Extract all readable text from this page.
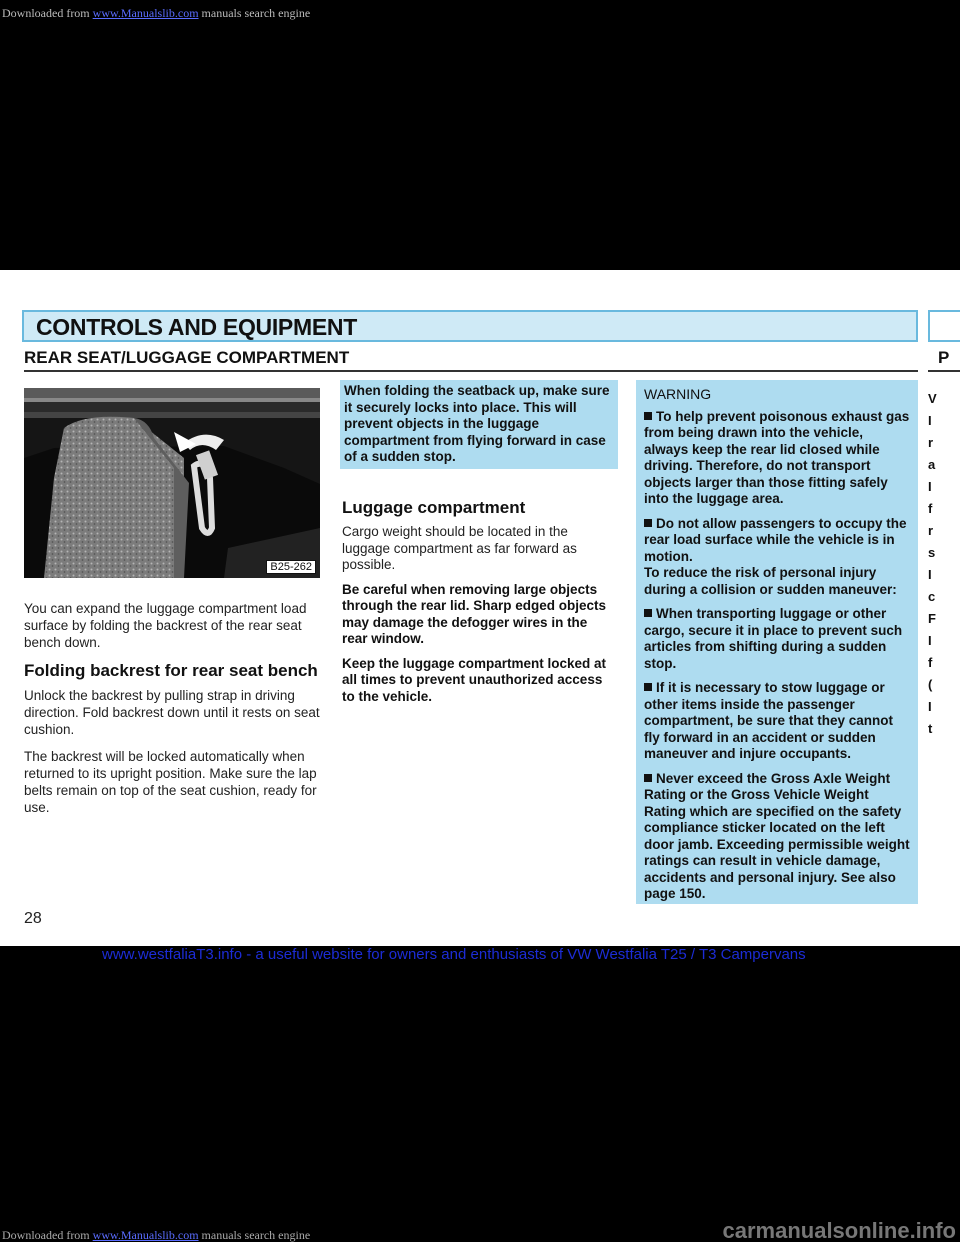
Downloaded from www.Manualslib.com manuals search engine
CONTROLS AND EQUIPMENT
REAR SEAT/LUGGAGE COMPARTMENT	P
B25-262

You can expand the luggage compartment load surface by folding the backrest of the rear seat bench down.

Folding backrest for rear seat bench

Unlock the backrest by pulling strap in driving direction. Fold backrest down until it rests on seat cushion.

The backrest will be locked automatically when returned to its upright position. Make sure the lap belts remain on top of the seat cushion, ready for use.

When folding the seatback up, make sure it securely locks into place. This will prevent objects in the luggage compartment from flying forward in case of a sudden stop.
Luggage compartment

Cargo weight should be located in the luggage compartment as far forward as possible.

Be careful when removing large objects through the rear lid. Sharp edged objects may damage the defogger wires in the rear window.

Keep the luggage compartment locked at all times to prevent unauthorized access to the vehicle.

WARNING

To help prevent poisonous exhaust gas from being drawn into the vehicle, always keep the rear lid closed while driving. Therefore, do not transport objects larger than those fitting safely into the luggage area.

Do not allow passengers to occupy the rear load surface while the vehicle is in motion.

To reduce the risk of personal injury during a collision or sudden maneuver:

When transporting luggage or other cargo, secure it in place to prevent such articles from shifting during a sudden stop.

If it is necessary to stow luggage or other items inside the passenger compartment, be sure that they cannot fly forward in an accident or sudden maneuver and injure occupants.

Never exceed the Gross Axle Weight Rating or the Gross Vehicle Weight Rating which are specified on the safety compliance sticker located on the left door jamb. Exceeding permissible weight ratings can result in vehicle damage, accidents and personal injury. See also page 150.

V
I
r
a
I
f
r
s
I
c
F
I
f
(
I
t
28
www.westfaliaT3.info - a useful website for owners and enthusiasts of VW Westfalia T25 / T3 Campervans
Downloaded from www.Manualslib.com manuals search engine	carmanualsonline.info
